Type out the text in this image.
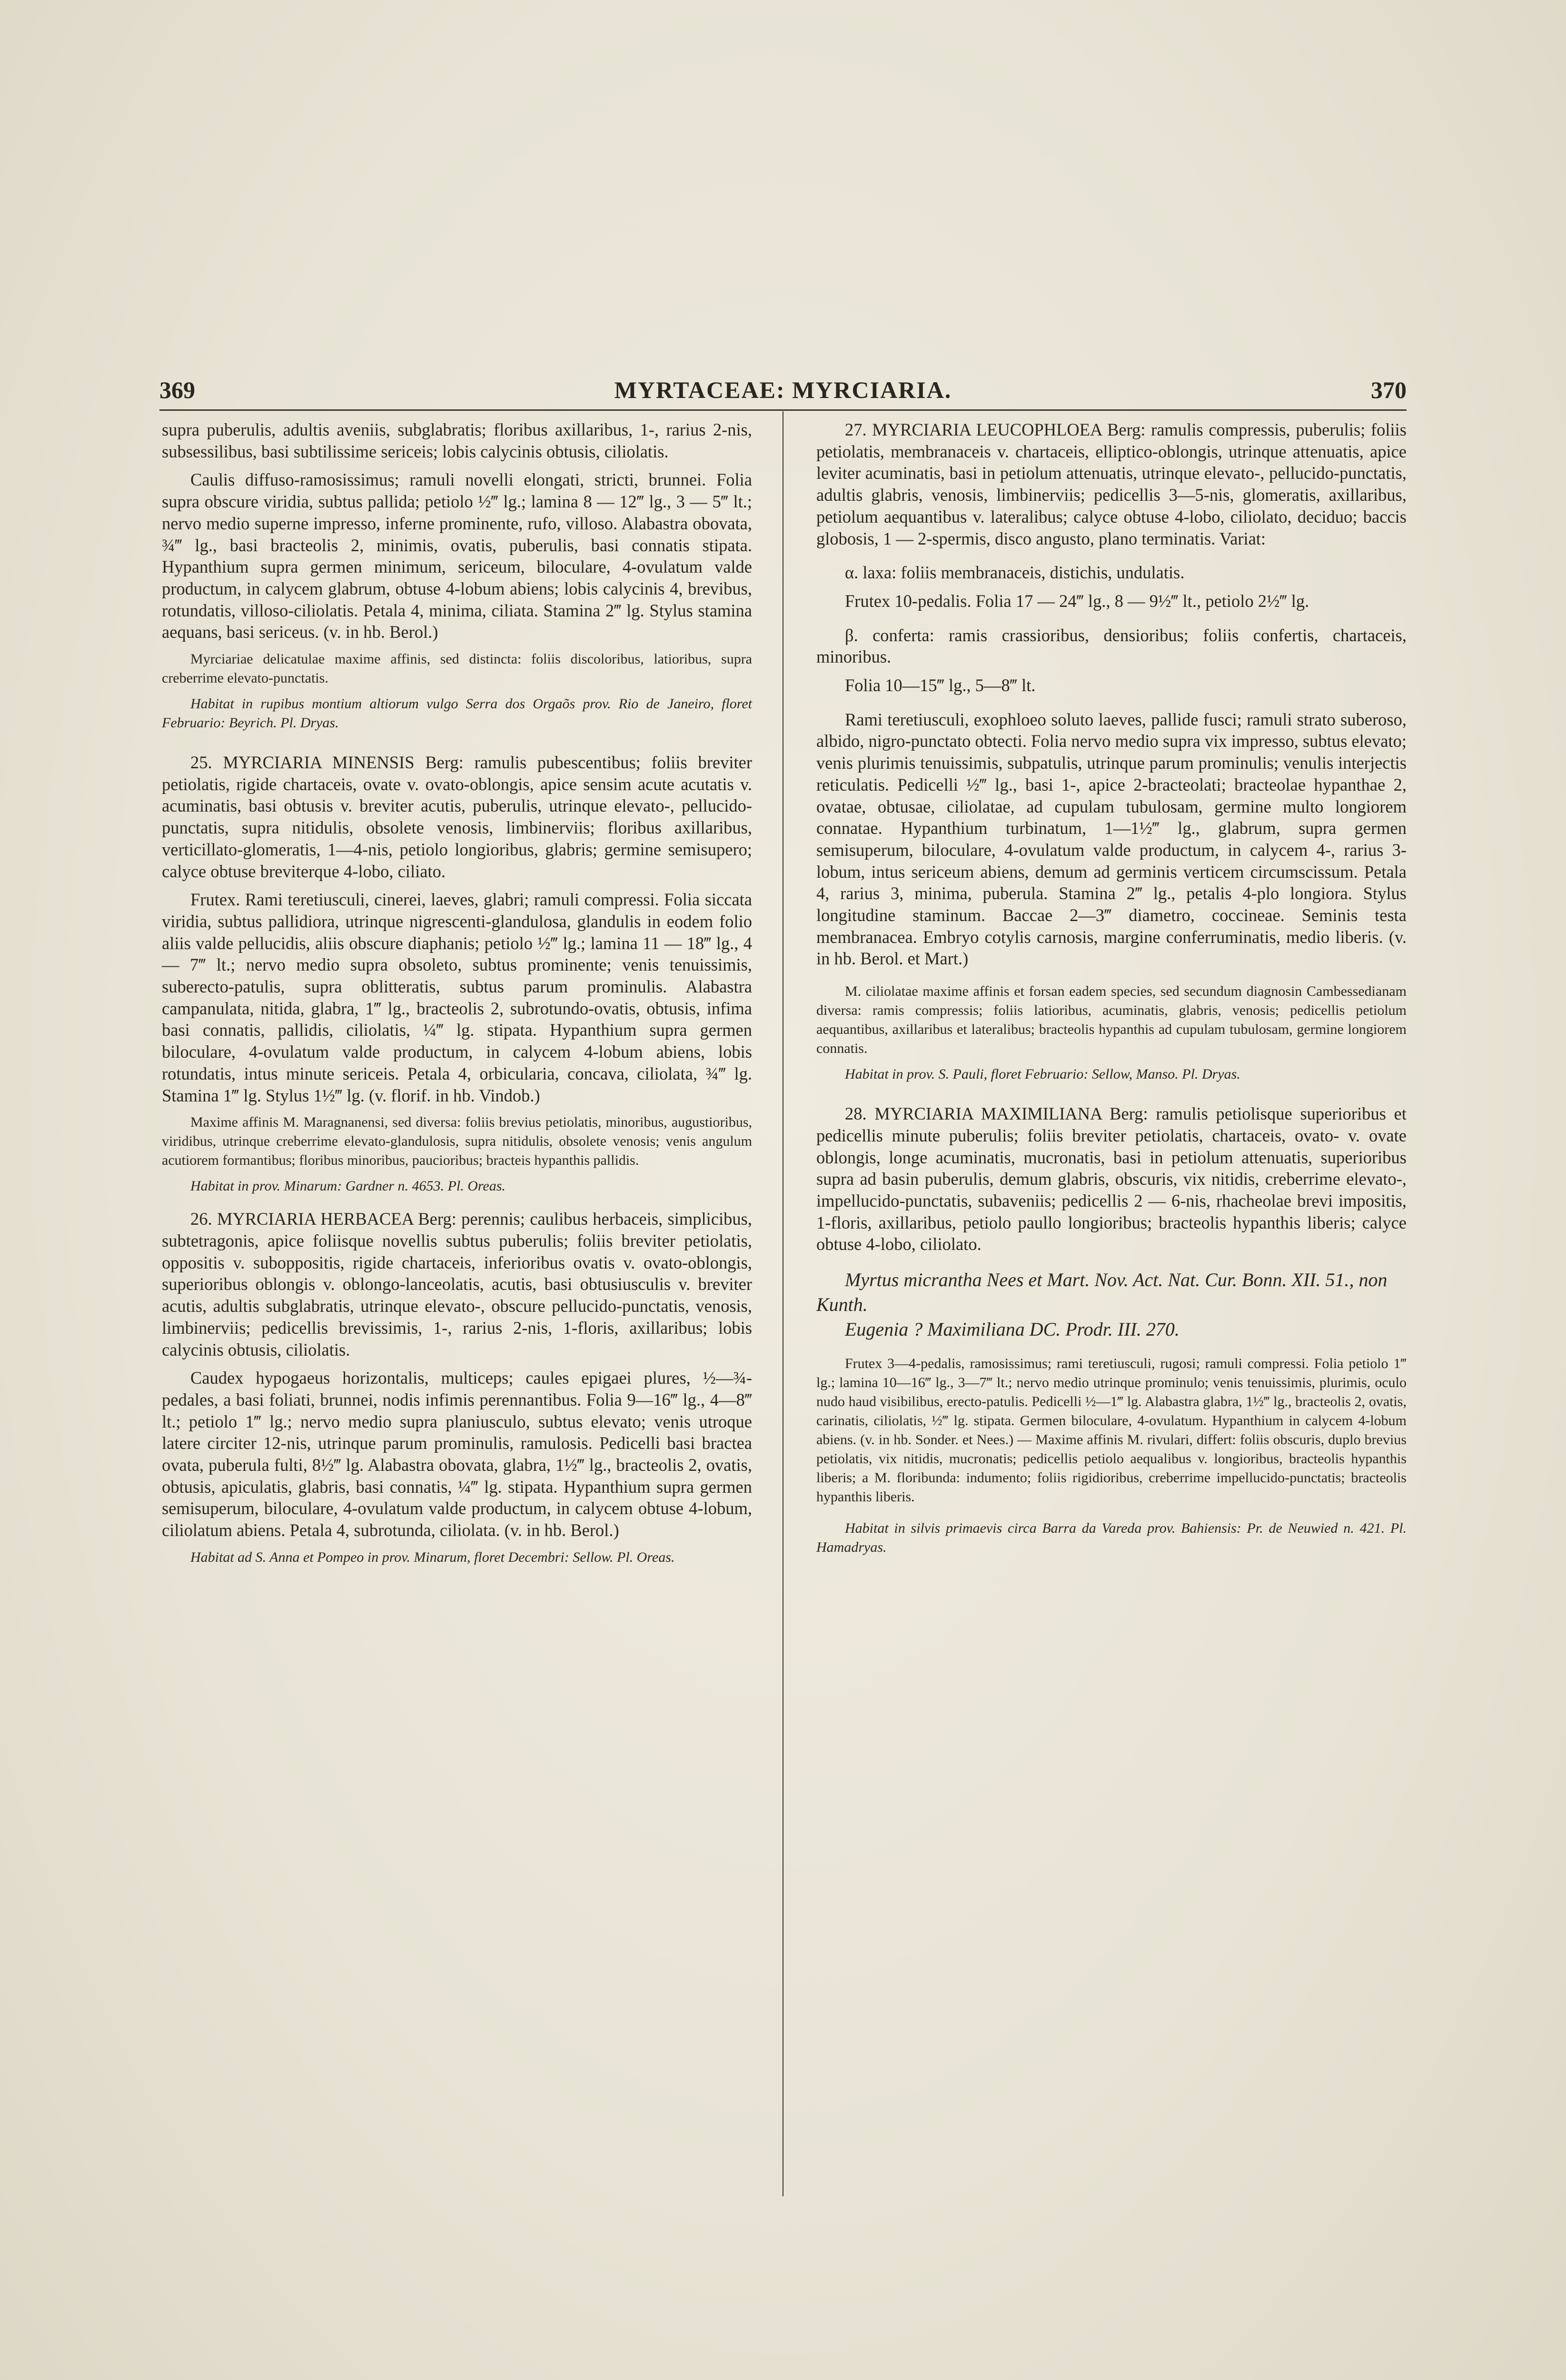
369	MYRTACEAE: MYRCIARIA.	370

supra puberulis, adultis aveniis, subglabratis; floribus axillaribus, 1-, rarius 2-nis, subsessilibus, basi subtilissime sericeis; lobis calycinis obtusis, ciliolatis.

Caulis diffuso-ramosissimus; ramuli novelli elongati, stricti, brunnei. Folia supra obscure viridia, subtus pallida; petiolo ½‴ lg.; lamina 8 — 12‴ lg., 3 — 5‴ lt.; nervo medio superne impresso, inferne prominente, rufo, villoso. Alabastra obovata, ¾‴ lg., basi bracteolis 2, minimis, ovatis, puberulis, basi connatis stipata. Hypanthium supra germen minimum, sericeum, biloculare, 4-ovulatum valde productum, in calycem glabrum, obtuse 4-lobum abiens; lobis calycinis 4, brevibus, rotundatis, villoso-ciliolatis. Petala 4, minima, ciliata. Stamina 2‴ lg. Stylus stamina aequans, basi sericeus. (v. in hb. Berol.)

Myrciariae delicatulae maxime affinis, sed distincta: foliis discoloribus, latioribus, supra creberrime elevato-punctatis.

Habitat in rupibus montium altiorum vulgo Serra dos Orgaõs prov. Rio de Janeiro, floret Februario: Beyrich. Pl. Dryas.

25. MYRCIARIA MINENSIS Berg: ramulis pubescentibus; foliis breviter petiolatis, rigide chartaceis, ovate v. ovato-oblongis, apice sensim acute acutatis v. acuminatis, basi obtusis v. breviter acutis, puberulis, utrinque elevato-, pellucido-punctatis, supra nitidulis, obsolete venosis, limbinerviis; floribus axillaribus, verticillato-glomeratis, 1—4-nis, petiolo longioribus, glabris; germine semisupero; calyce obtuse breviterque 4-lobo, ciliato.

Frutex. Rami teretiusculi, cinerei, laeves, glabri; ramuli compressi. Folia siccata viridia, subtus pallidiora, utrinque nigrescenti-glandulosa, glandulis in eodem folio aliis valde pellucidis, aliis obscure diaphanis; petiolo ½‴ lg.; lamina 11 — 18‴ lg., 4 — 7‴ lt.; nervo medio supra obsoleto, subtus prominente; venis tenuissimis, suberecto-patulis, supra oblitteratis, subtus parum prominulis. Alabastra campanulata, nitida, glabra, 1‴ lg., bracteolis 2, subrotundo-ovatis, obtusis, infima basi connatis, pallidis, ciliolatis, ¼‴ lg. stipata. Hypanthium supra germen biloculare, 4-ovulatum valde productum, in calycem 4-lobum abiens, lobis rotundatis, intus minute sericeis. Petala 4, orbicularia, concava, ciliolata, ¾‴ lg. Stamina 1‴ lg. Stylus 1½‴ lg. (v. florif. in hb. Vindob.)

Maxime affinis M. Maragnanensi, sed diversa: foliis brevius petiolatis, minoribus, augustioribus, viridibus, utrinque creberrime elevato-glandulosis, supra nitidulis, obsolete venosis; venis angulum acutiorem formantibus; floribus minoribus, paucioribus; bracteis hypanthis pallidis.

Habitat in prov. Minarum: Gardner n. 4653. Pl. Oreas.

26. MYRCIARIA HERBACEA Berg: perennis; caulibus herbaceis, simplicibus, subtetragonis, apice foliisque novellis subtus puberulis; foliis breviter petiolatis, oppositis v. suboppositis, rigide chartaceis, inferioribus ovatis v. ovato-oblongis, superioribus oblongis v. oblongo-lanceolatis, acutis, basi obtusiusculis v. breviter acutis, adultis subglabratis, utrinque elevato-, obscure pellucido-punctatis, venosis, limbinerviis; pedicellis brevissimis, 1-, rarius 2-nis, 1-floris, axillaribus; lobis calycinis obtusis, ciliolatis.

Caudex hypogaeus horizontalis, multiceps; caules epigaei plures, ½—¾-pedales, a basi foliati, brunnei, nodis infimis perennantibus. Folia 9—16‴ lg., 4—8‴ lt.; petiolo 1‴ lg.; nervo medio supra planiusculo, subtus elevato; venis utroque latere circiter 12-nis, utrinque parum prominulis, ramulosis. Pedicelli basi bracteа ovata, puberula fulti, 8½‴ lg. Alabastra obovata, glabra, 1½‴ lg., bracteolis 2, ovatis, obtusis, apiculatis, glabris, basi connatis, ¼‴ lg. stipata. Hypanthium supra germen semisuperum, biloculare, 4-ovulatum valde productum, in calycem obtuse 4-lobum, ciliolatum abiens. Petala 4, subrotunda, ciliolata. (v. in hb. Berol.)

Habitat ad S. Anna et Pompeo in prov. Minarum, floret Decembri: Sellow. Pl. Oreas.

27. MYRCIARIA LEUCOPHLOEA Berg: ramulis compressis, puberulis; foliis petiolatis, membranaceis v. chartaceis, elliptico-oblongis, utrinque attenuatis, apice leviter acuminatis, basi in petiolum attenuatis, utrinque elevato-, pellucido-punctatis, adultis glabris, venosis, limbinerviis; pedicellis 3—5-nis, glomeratis, axillaribus, petiolum aequantibus v. lateralibus; calyce obtuse 4-lobo, ciliolato, deciduo; baccis globosis, 1 — 2-spermis, disco angusto, plano terminatis. Variat:

α. laxa: foliis membranaceis, distichis, undulatis.

Frutex 10-pedalis. Folia 17 — 24‴ lg., 8 — 9½‴ lt., petiolo 2½‴ lg.

β. conferta: ramis crassioribus, densioribus; foliis confertis, chartaceis, minoribus.

Folia 10—15‴ lg., 5—8‴ lt.

Rami teretiusculi, exophloeo soluto laeves, pallide fusci; ramuli strato suberoso, albido, nigro-punctato obtecti. Folia nervo medio supra vix impresso, subtus elevato; venis plurimis tenuissimis, subpatulis, utrinque parum prominulis; venulis interjectis reticulatis. Pedicelli ½‴ lg., basi 1-, apice 2-bracteolati; bracteolae hypanthae 2, ovatae, obtusae, ciliolatae, ad cupulam tubulosam, germine multo longiorem connatae. Hypanthium turbinatum, 1—1½‴ lg., glabrum, supra germen semisuperum, biloculare, 4-ovulatum valde productum, in calycem 4-, rarius 3-lobum, intus sericeum abiens, demum ad germinis verticem circumscissum. Petala 4, rarius 3, minima, puberula. Stamina 2‴ lg., petalis 4-plo longiora. Stylus longitudine staminum. Baccae 2—3‴ diametro, coccineae. Seminis testa membranacea. Embryo cotylis carnosis, margine conferruminatis, medio liberis. (v. in hb. Berol. et Mart.)

M. ciliolatae maxime affinis et forsan eadem species, sed secundum diagnosin Cambessedianam diversa: ramis compressis; foliis latioribus, acuminatis, glabris, venosis; pedicellis petiolum aequantibus, axillaribus et lateralibus; bracteolis hypanthis ad cupulam tubulosam, germine longiorem connatis.

Habitat in prov. S. Pauli, floret Februario: Sellow, Manso. Pl. Dryas.

28. MYRCIARIA MAXIMILIANA Berg: ramulis petiolisque superioribus et pedicellis minute puberulis; foliis breviter petiolatis, chartaceis, ovato- v. ovate oblongis, longe acuminatis, mucronatis, basi in petiolum attenuatis, superioribus supra ad basin puberulis, demum glabris, obscuris, vix nitidis, creberrime elevato-, impellucido-punctatis, subaveniis; pedicellis 2 — 6-nis, rhacheolae brevi impositis, 1-floris, axillaribus, petiolo paullo longioribus; bracteolis hypanthis liberis; calyce obtuse 4-lobo, ciliolato.

Myrtus micrantha Nees et Mart. Nov. Act. Nat. Cur. Bonn. XII. 51., non Kunth.

Eugenia ? Maximiliana DC. Prodr. III. 270.

Frutex 3—4-pedalis, ramosissimus; rami teretiusculi, rugosi; ramuli compressi. Folia petiolo 1‴ lg.; lamina 10—16‴ lg., 3—7‴ lt.; nervo medio utrinque prominulo; venis tenuissimis, plurimis, oculo nudo haud visibilibus, erecto-patulis. Pedicelli ½—1‴ lg. Alabastra glabra, 1½‴ lg., bracteolis 2, ovatis, carinatis, ciliolatis, ½‴ lg. stipata. Germen biloculare, 4-ovulatum. Hypanthium in calycem 4-lobum abiens. (v. in hb. Sonder. et Nees.) — Maxime affinis M. rivulari, differt: foliis obscuris, duplo brevius petiolatis, vix nitidis, mucronatis; pedicellis petiolo aequalibus v. longioribus, bracteolis hypanthis liberis; a M. floribunda: indumento; foliis rigidioribus, creberrime impellucido-punctatis; bracteolis hypanthis liberis.

Habitat in silvis primaevis circa Barra da Vareda prov. Bahiensis: Pr. de Neuwied n. 421. Pl. Hamadryas.
